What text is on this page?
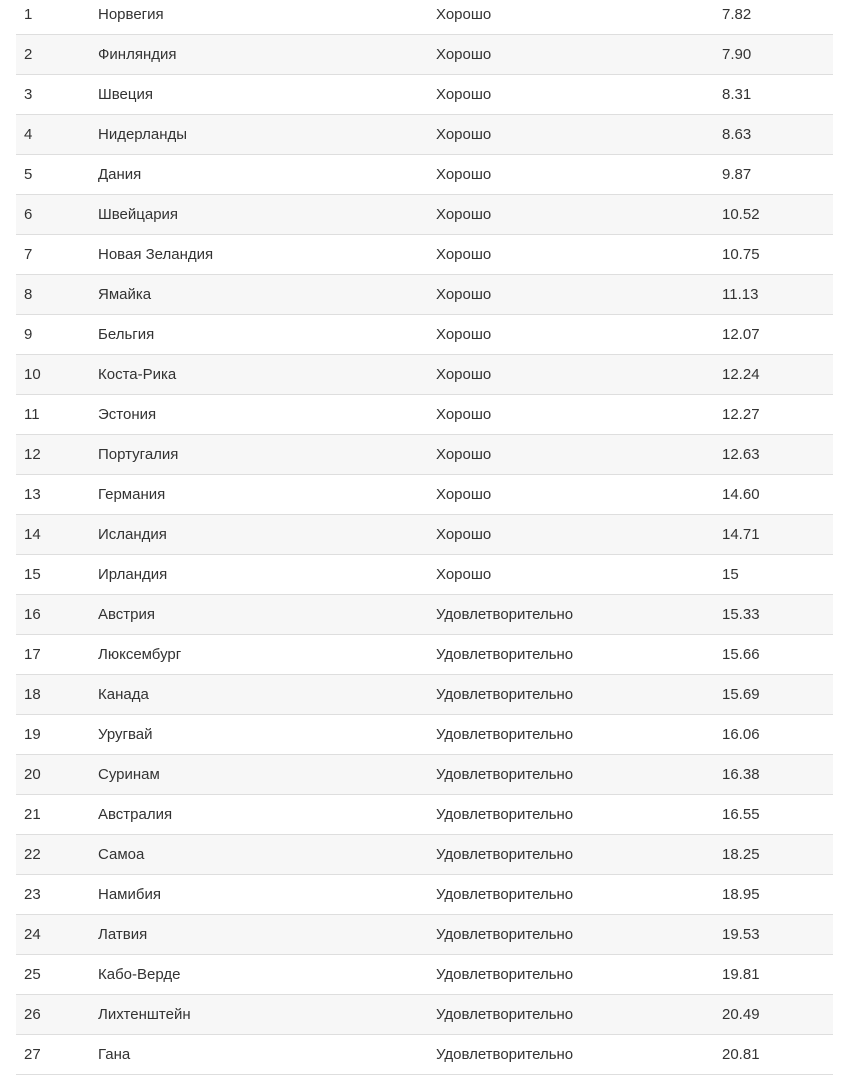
1	Норвегия	Хорошо	7.82
2	Финляндия	Хорошо	7.90
3	Швеция	Хорошо	8.31
4	Нидерланды	Хорошо	8.63
5	Дания	Хорошо	9.87
6	Швейцария	Хорошо	10.52
7	Новая Зеландия	Хорошо	10.75
8	Ямайка	Хорошо	11.13
9	Бельгия	Хорошо	12.07
10	Коста-Рика	Хорошо	12.24
11	Эстония	Хорошо	12.27
12	Португалия	Хорошо	12.63
13	Германия	Хорошо	14.60
14	Исландия	Хорошо	14.71
15	Ирландия	Хорошо	15
16	Австрия	Удовлетворительно	15.33
17	Люксембург	Удовлетворительно	15.66
18	Канада	Удовлетворительно	15.69
19	Уругвай	Удовлетворительно	16.06
20	Суринам	Удовлетворительно	16.38
21	Австралия	Удовлетворительно	16.55
22	Самоа	Удовлетворительно	18.25
23	Намибия	Удовлетворительно	18.95
24	Латвия	Удовлетворительно	19.53
25	Кабо-Верде	Удовлетворительно	19.81
26	Лихтенштейн	Удовлетворительно	20.49
27	Гана	Удовлетворительно	20.81
